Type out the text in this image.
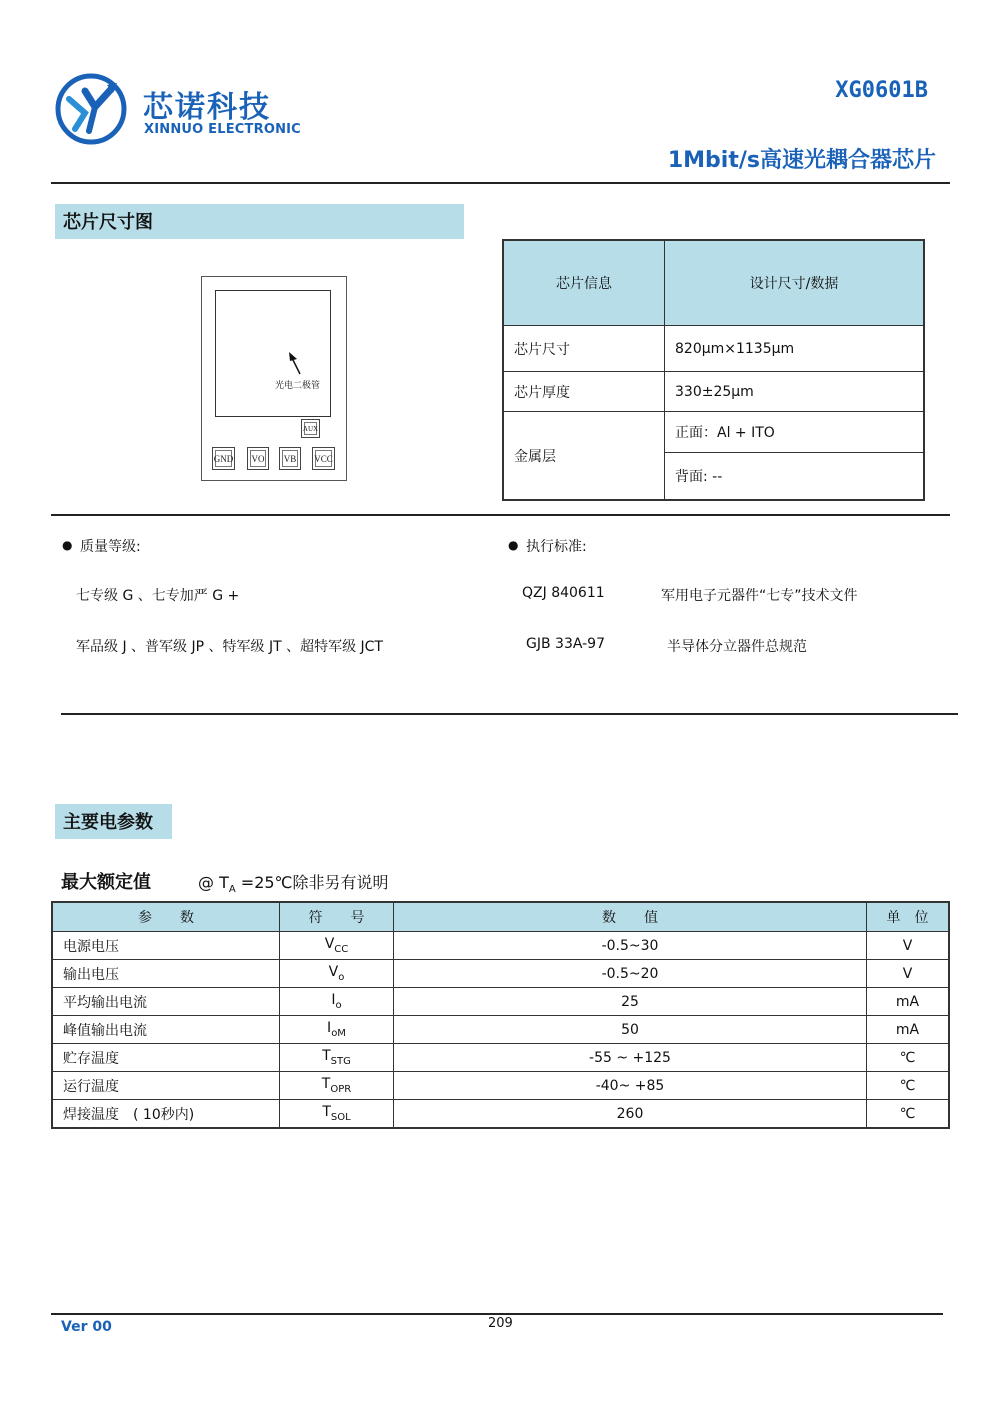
芯诺科技
XINNUO ELECTRONIC
XG0601B
1Mbit/s高速光耦合器芯片
芯片尺寸图
光电二极管
AUX
GND VO VB VCC
芯片信息	设计尺寸/数据
芯片尺寸	820μm×1135μm
芯片厚度	330±25μm
金属层	正面：Al + ITO
	背面: --
● 质量等级:
七专级 G 、七专加严 G +
军品级 J 、普军级 JP 、特军级 JT 、超特军级 JCT
● 执行标准:
QZJ 840611	军用电子元器件“七专”技术文件
GJB 33A-97	半导体分立器件总规范
主要电参数
最大额定值	@ $T_A$ =25℃除非另有说明
参　　数	符　　号	数　　值	单　位
电源电压	$V_{CC}$	-0.5~30	V
输出电压	$V_o$	-0.5~20	V
平均输出电流	$I_o$	25	mA
峰值输出电流	$I_{oM}$	50	mA
贮存温度	$T_{STG}$	-55 ~ +125	℃
运行温度	$T_{OPR}$	-40~ +85	℃
焊接温度　( 10秒内)	$T_{SOL}$	260	℃
Ver 00	209
